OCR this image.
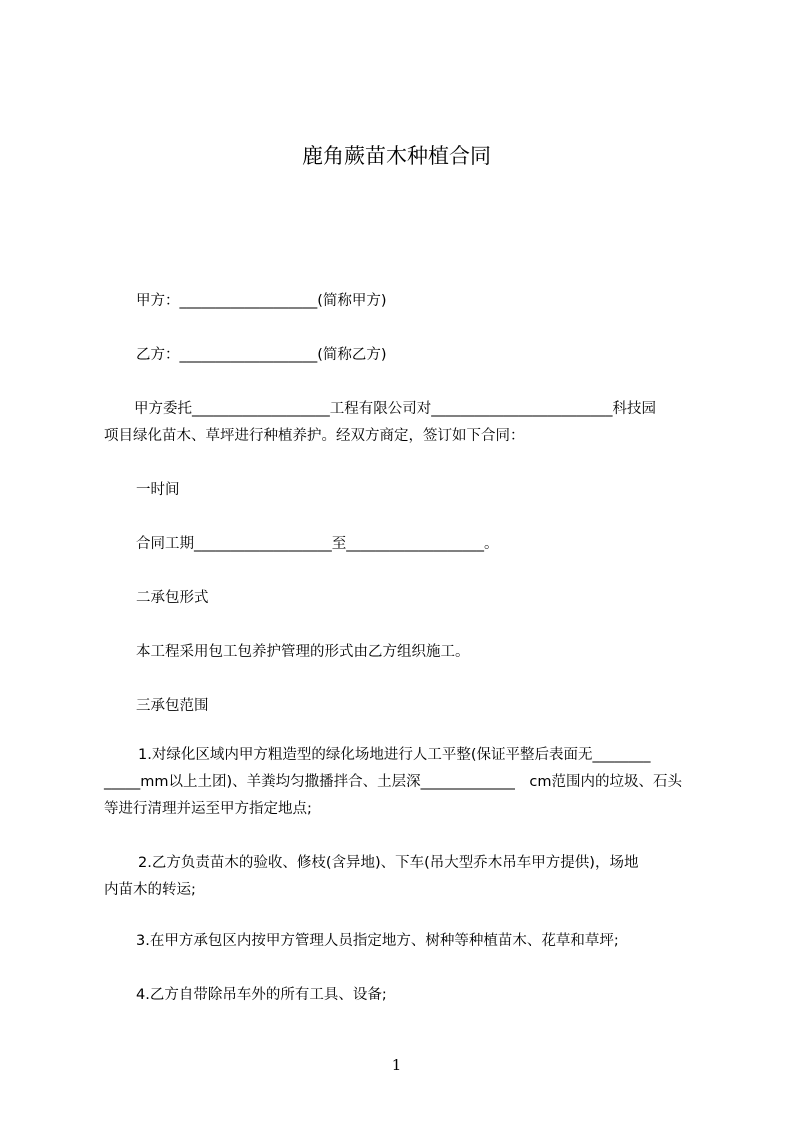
鹿角蕨苗木种植合同
甲方：___________________(简称甲方)
乙方：___________________(简称乙方)
甲方委托___________________工程有限公司对_________________________科技园
项目绿化苗木、草坪进行种植养护。经双方商定，签订如下合同：
一时间
合同工期___________________至___________________。
二承包形式
本工程采用包工包养护管理的形式由乙方组织施工。
三承包范围
1.对绿化区域内甲方粗造型的绿化场地进行人工平整(保证平整后表面无________
_____mm以上土团)、羊粪均匀撒播拌合、土层深_____________　cm范围内的垃圾、石头
等进行清理并运至甲方指定地点;
2.乙方负责苗木的验收、修枝(含异地)、下车(吊大型乔木吊车甲方提供)，场地
内苗木的转运;
3.在甲方承包区内按甲方管理人员指定地方、树种等种植苗木、花草和草坪;
4.乙方自带除吊车外的所有工具、设备;
1
